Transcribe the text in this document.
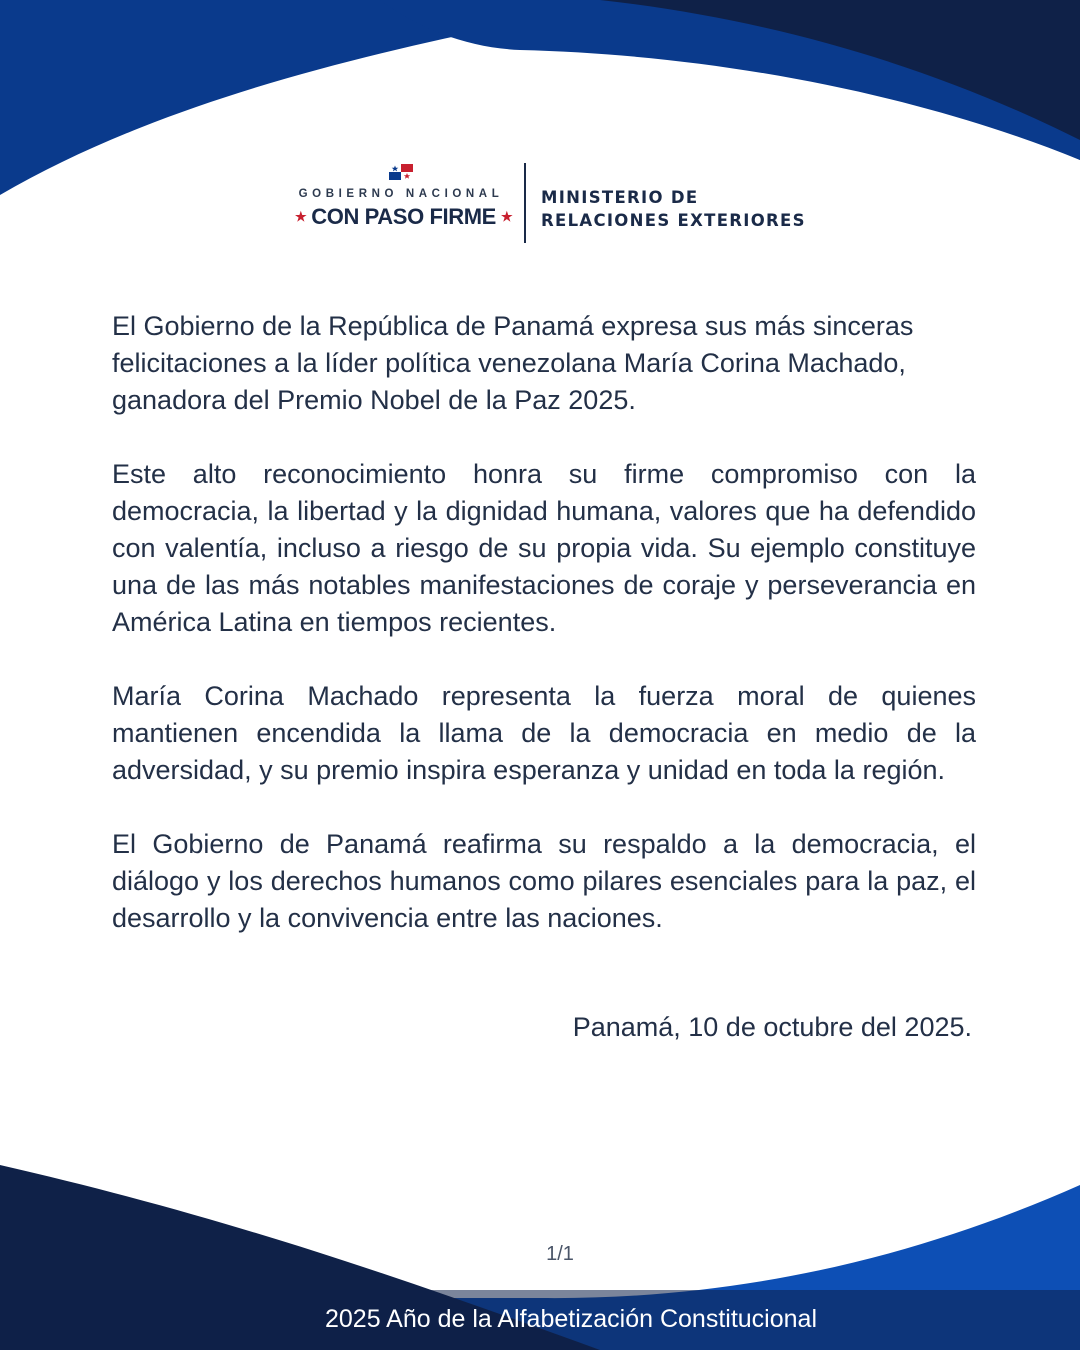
GOBIERNO NACIONAL
★ CON PASO FIRME ★
MINISTERIO DE
RELACIONES EXTERIORES

El Gobierno de la República de Panamá expresa sus más sinceras felicitaciones a la líder política venezolana María Corina Machado, ganadora del Premio Nobel de la Paz 2025.

Este alto reconocimiento honra su firme compromiso con la democracia, la libertad y la dignidad humana, valores que ha defendido con valentía, incluso a riesgo de su propia vida. Su ejemplo constituye una de las más notables manifestaciones de coraje y perseverancia en América Latina en tiempos recientes.

María Corina Machado representa la fuerza moral de quienes mantienen encendida la llama de la democracia en medio de la adversidad, y su premio inspira esperanza y unidad en toda la región.

El Gobierno de Panamá reafirma su respaldo a la democracia, el diálogo y los derechos humanos como pilares esenciales para la paz, el desarrollo y la convivencia entre las naciones.

Panamá, 10 de octubre del 2025.
1/1
2025 Año de la Alfabetización Constitucional
